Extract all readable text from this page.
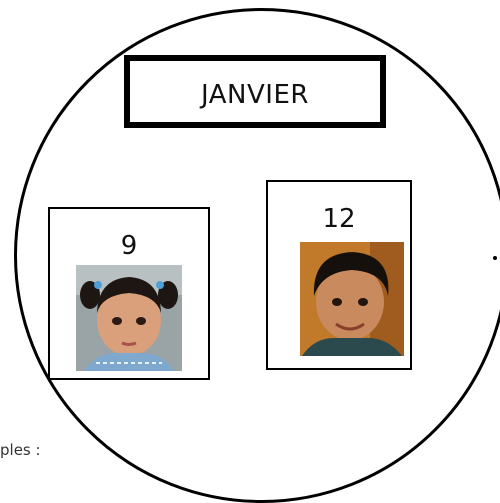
JANVIER
9
12
ples :
